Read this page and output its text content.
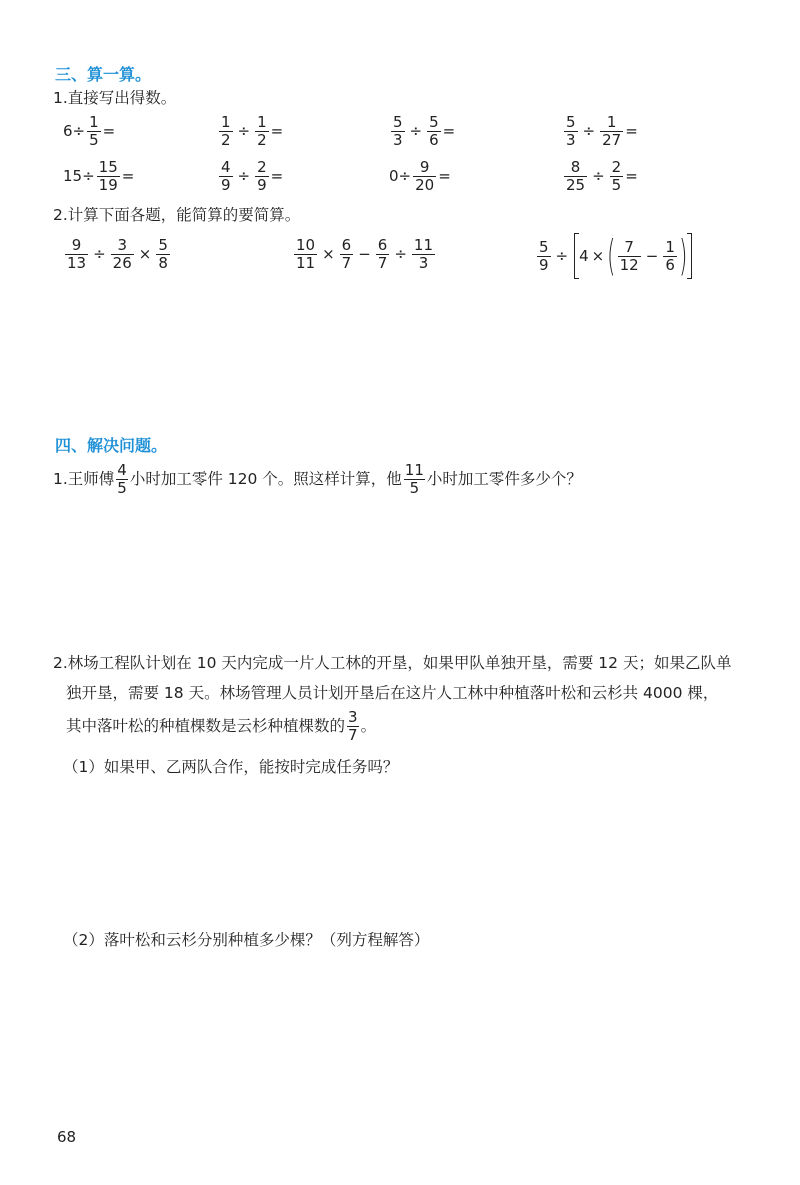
三、算一算。
1.直接写出得数。
$6\div \frac{1}{5}$ =	$\frac{1}{2} \div \frac{1}{2}$ =	$\frac{5}{3} \div \frac{5}{6}$ =	$\frac{5}{3} \div \frac{1}{27}$ =
$15\div \frac{15}{19}$ =	$\frac{4}{9} \div \frac{2}{9}$ =	$0\div \frac{9}{20}$ =	$\frac{8}{25} \div \frac{2}{5}$ =
2.计算下面各题，能简算的要简算。
$\frac{9}{13} \div \frac{3}{26} \times \frac{5}{8}$	$\frac{10}{11} \times \frac{6}{7} - \frac{6}{7} \div \frac{11}{3}$	$\frac{5}{9} \div 4$ × ( $\frac{7}{12} - \frac{1}{6}$ )
四、解决问题。
1.王师傅 $\frac{4}{5}$ 小时加工零件 120 个。照这样计算，他 $\frac{11}{5}$ 小时加工零件多少个？
2.林场工程队计划在 10 天内完成一片人工林的开垦，如果甲队单独开垦，需要 12 天；如果乙队单
独开垦，需要 18 天。林场管理人员计划开垦后在这片人工林中种植落叶松和云杉共 4000 棵，
其中落叶松的种植棵数是云杉种植棵数的 $\frac{3}{7}$ 。
（1）如果甲、乙两队合作，能按时完成任务吗？
（2）落叶松和云杉分别种植多少棵？（列方程解答）
68
